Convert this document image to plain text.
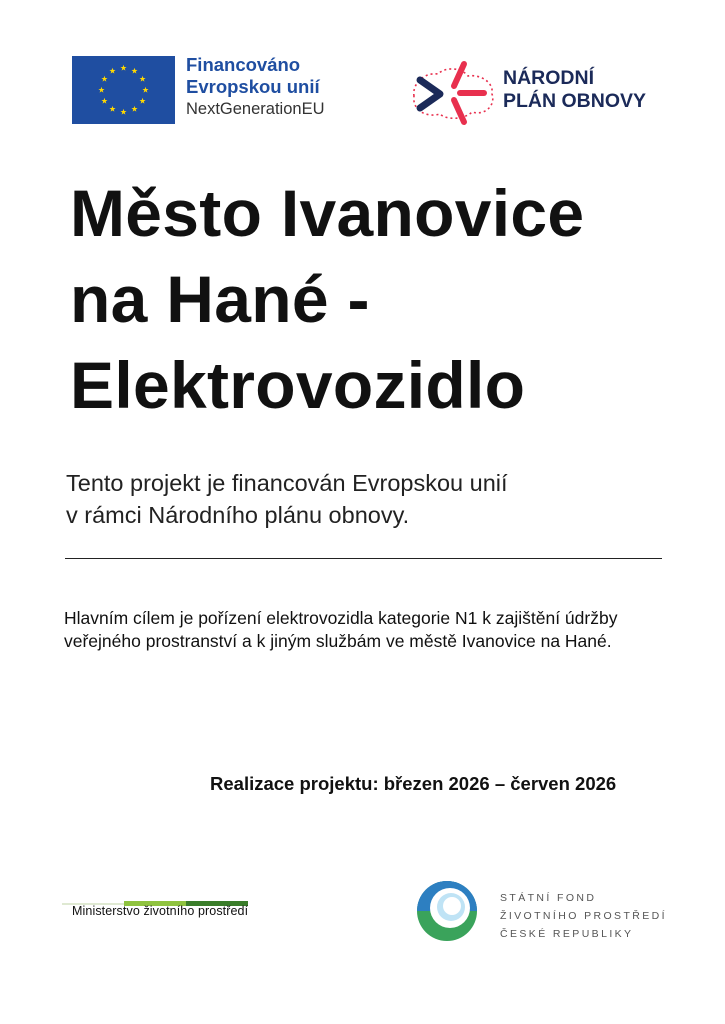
Financováno
Evropskou unií
NextGenerationEU
NÁRODNÍ
PLÁN OBNOVY
Město Ivanovice
na Hané -
Elektrovozidlo
Tento projekt je financován Evropskou unií
v rámci Národního plánu obnovy.

Hlavním cílem je pořízení elektrovozidla kategorie N1 k zajištění údržby veřejného prostranství a k jiným službám ve městě Ivanovice na Hané.

Realizace projektu: březen 2026 – červen 2026
Ministerstvo životního prostředí
STÁTNÍ FOND
ŽIVOTNÍHO PROSTŘEDÍ
ČESKÉ REPUBLIKY
